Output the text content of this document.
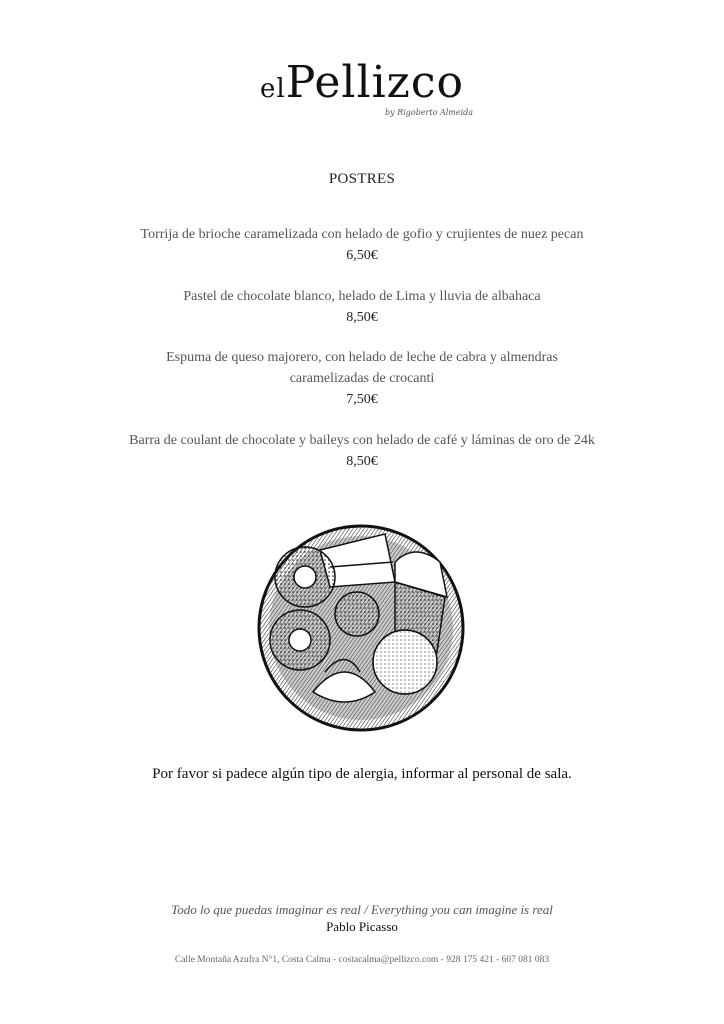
elPellizco
by Rigoberto Almeida
POSTRES
Torrija de brioche caramelizada con helado de gofio y crujientes de nuez pecan
6,50€
Pastel de chocolate blanco, helado de Lima y lluvia de albahaca
8,50€
Espuma de queso majorero, con helado de leche de cabra y almendras
caramelizadas de crocanti
7,50€
Barra de coulant de chocolate y baileys con helado de café y láminas de oro de 24k
8,50€
Por favor si padece algún tipo de alergia, informar al personal de sala.
Todo lo que puedas imaginar es real / Everything you can imagine is real
Pablo Picasso
Calle Montaña Azufra N°1, Costa Calma - costacalma@pellizco.com - 928 175 421 - 607 081 083
